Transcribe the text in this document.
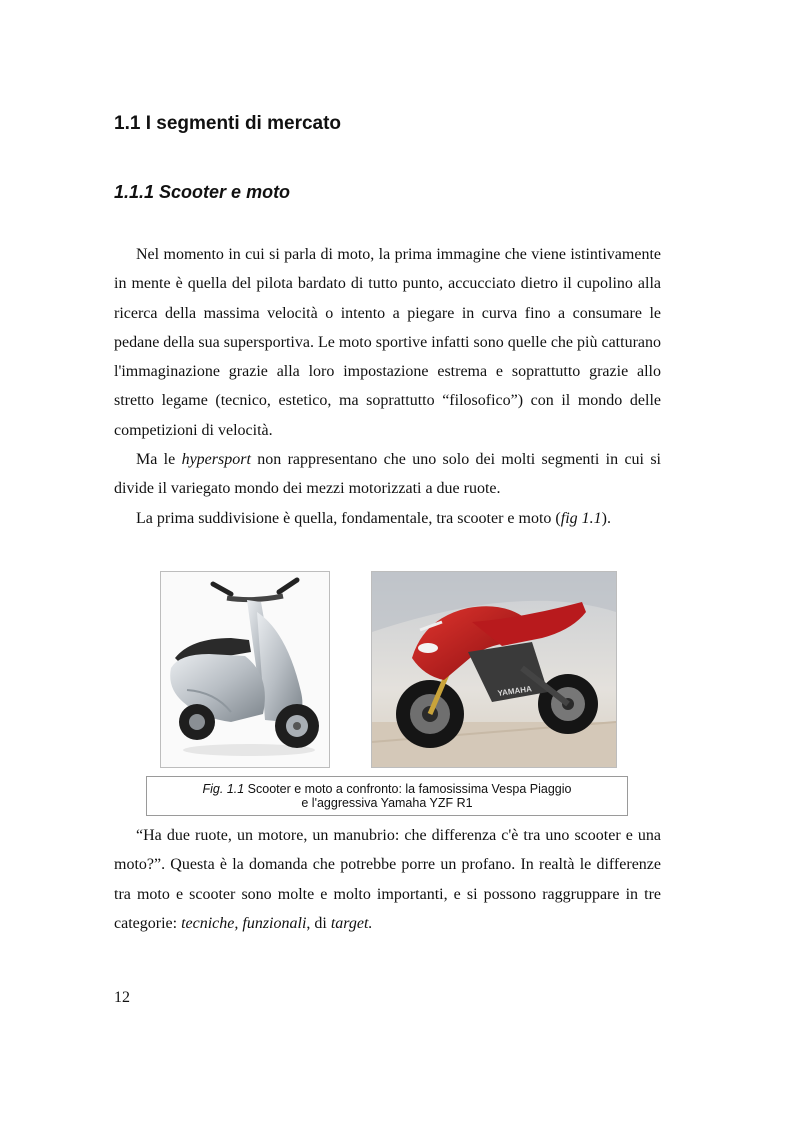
1.1 I segmenti di mercato
1.1.1 Scooter e moto

Nel momento in cui si parla di moto, la prima immagine che viene istintivamente in mente è quella del pilota bardato di tutto punto, accucciato dietro il cupolino alla ricerca della massima velocità o intento a piegare in curva fino a consumare le pedane della sua supersportiva. Le moto sportive infatti sono quelle che più catturano l'immaginazione grazie alla loro impostazione estrema e soprattutto grazie allo stretto legame (tecnico, estetico, ma soprattutto “filosofico”) con il mondo delle competizioni di velocità.

Ma le hypersport non rappresentano che uno solo dei molti segmenti in cui si divide il variegato mondo dei mezzi motorizzati a due ruote.

La prima suddivisione è quella, fondamentale, tra scooter e moto (fig 1.1).

YAMAHA
Fig. 1.1 Scooter e moto a confronto: la famosissima Vespa Piaggio
e l'aggressiva Yamaha YZF R1

“Ha due ruote, un motore, un manubrio: che differenza c'è tra uno scooter e una moto?”. Questa è la domanda che potrebbe porre un profano. In realtà le differenze tra moto e scooter sono molte e molto importanti, e si possono raggruppare in tre categorie: tecniche, funzionali, di target.

12
